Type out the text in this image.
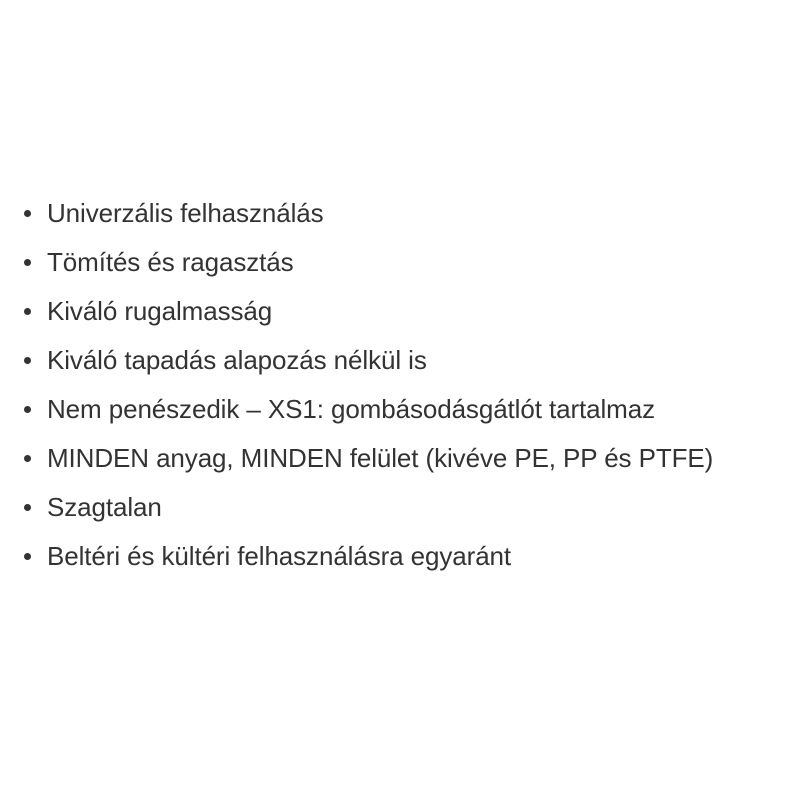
Univerzális felhasználás
Tömítés és ragasztás
Kiváló rugalmasság
Kiváló tapadás alapozás nélkül is
Nem penészedik – XS1: gombásodásgátlót tartalmaz
MINDEN anyag, MINDEN felület (kivéve PE, PP és PTFE)
Szagtalan
Beltéri és kültéri felhasználásra egyaránt
